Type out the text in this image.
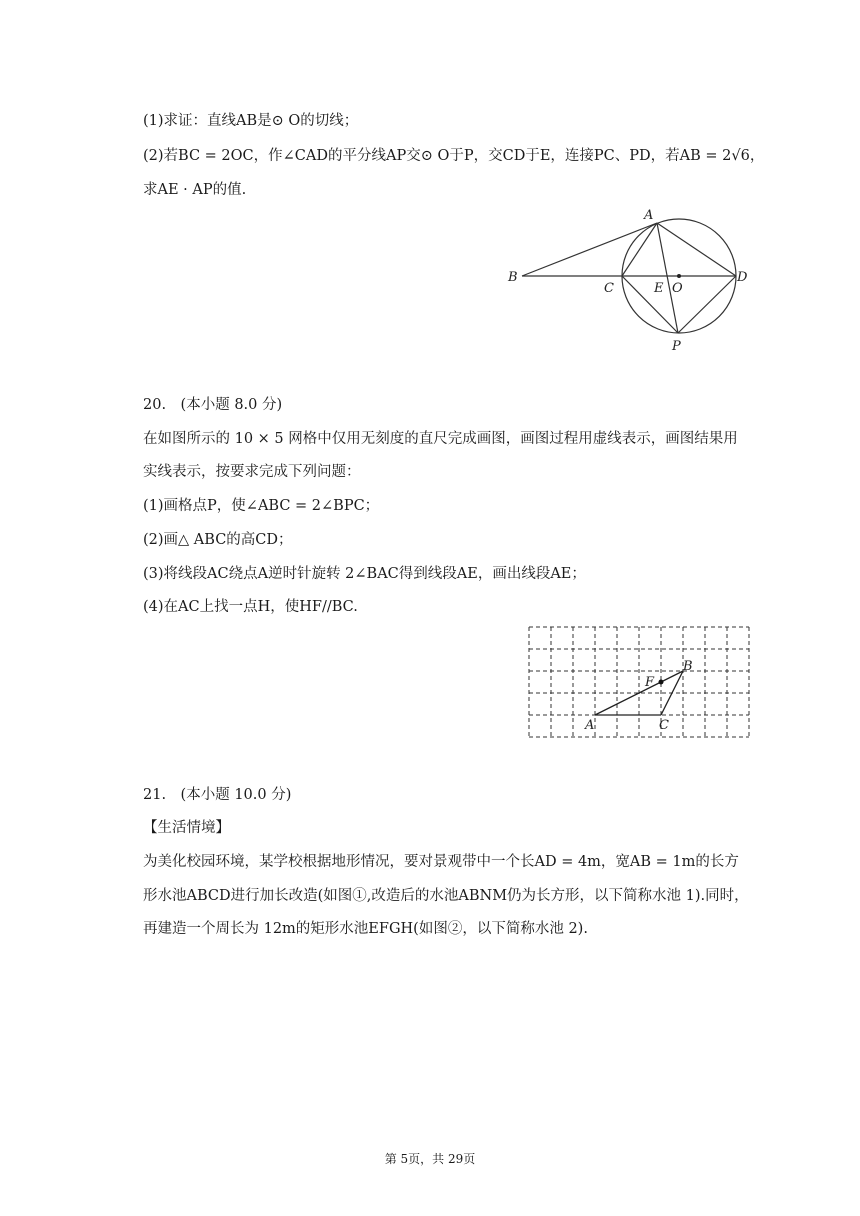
(1)求证：直线AB是⊙ O的切线；
(2)若BC = 2OC，作∠CAD的平分线AP交⊙ O于P，交CD于E，连接PC、PD，若AB = 2√6，
求AE · AP的值.
A
B
C
D
E O
P
20.　(本小题 8.0 分)
在如图所示的 10 × 5 网格中仅用无刻度的直尺完成画图，画图过程用虚线表示，画图结果用
实线表示，按要求完成下列问题：
(1)画格点P，使∠ABC = 2∠BPC；
(2)画△ ABC的高CD；
(3)将线段AC绕点A逆时针旋转 2∠BAC得到线段AE，画出线段AE；
(4)在AC上找一点H，使HF//BC.
A
B
C
F
21.　(本小题 10.0 分)
【生活情境】
为美化校园环境，某学校根据地形情况，要对景观带中一个长AD = 4m，宽AB = 1m的长方
形水池ABCD进行加长改造(如图①,改造后的水池ABNM仍为长方形，以下简称水池 1).同时，
再建造一个周长为 12m的矩形水池EFGH(如图②，以下简称水池 2).
第 5页，共 29页
